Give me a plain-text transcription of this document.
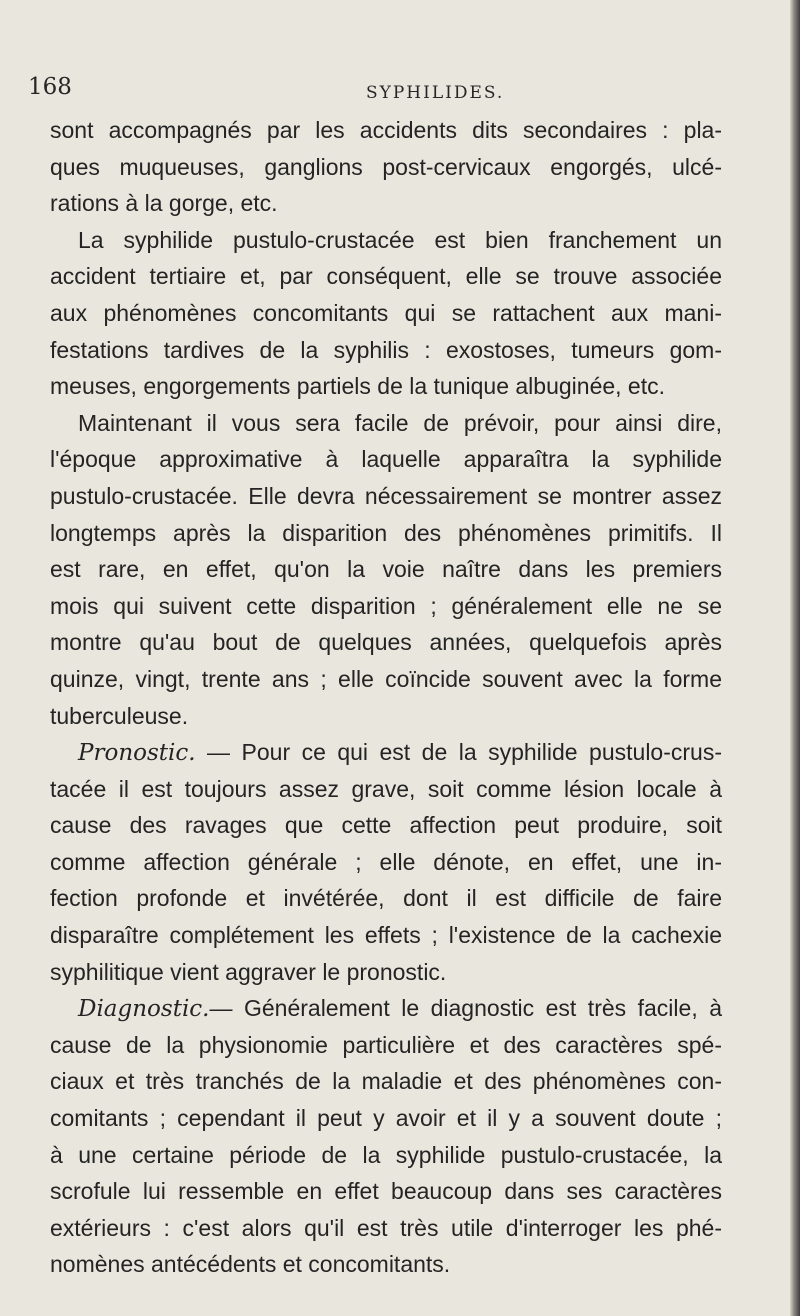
168	SYPHILIDES.
sont accompagnés par les accidents dits secondaires : pla-
ques muqueuses, ganglions post-cervicaux engorgés, ulcé-
rations à la gorge, etc.
La syphilide pustulo-crustacée est bien franchement un
accident tertiaire et, par conséquent, elle se trouve associée
aux phénomènes concomitants qui se rattachent aux mani-
festations tardives de la syphilis : exostoses, tumeurs gom-
meuses, engorgements partiels de la tunique albuginée, etc.
Maintenant il vous sera facile de prévoir, pour ainsi dire,
l'époque approximative à laquelle apparaîtra la syphilide
pustulo-crustacée. Elle devra nécessairement se montrer assez
longtemps après la disparition des phénomènes primitifs. Il
est rare, en effet, qu'on la voie naître dans les premiers
mois qui suivent cette disparition ; généralement elle ne se
montre qu'au bout de quelques années, quelquefois après
quinze, vingt, trente ans ; elle coïncide souvent avec la forme
tuberculeuse.
Pronostic. — Pour ce qui est de la syphilide pustulo-crus-
tacée il est toujours assez grave, soit comme lésion locale à
cause des ravages que cette affection peut produire, soit
comme affection générale ; elle dénote, en effet, une in-
fection profonde et invétérée, dont il est difficile de faire
disparaître complétement les effets ; l'existence de la cachexie
syphilitique vient aggraver le pronostic.
Diagnostic.— Généralement le diagnostic est très facile, à
cause de la physionomie particulière et des caractères spé-
ciaux et très tranchés de la maladie et des phénomènes con-
comitants ; cependant il peut y avoir et il y a souvent doute ;
à une certaine période de la syphilide pustulo-crustacée, la
scrofule lui ressemble en effet beaucoup dans ses caractères
extérieurs : c'est alors qu'il est très utile d'interroger les phé-
nomènes antécédents et concomitants.
